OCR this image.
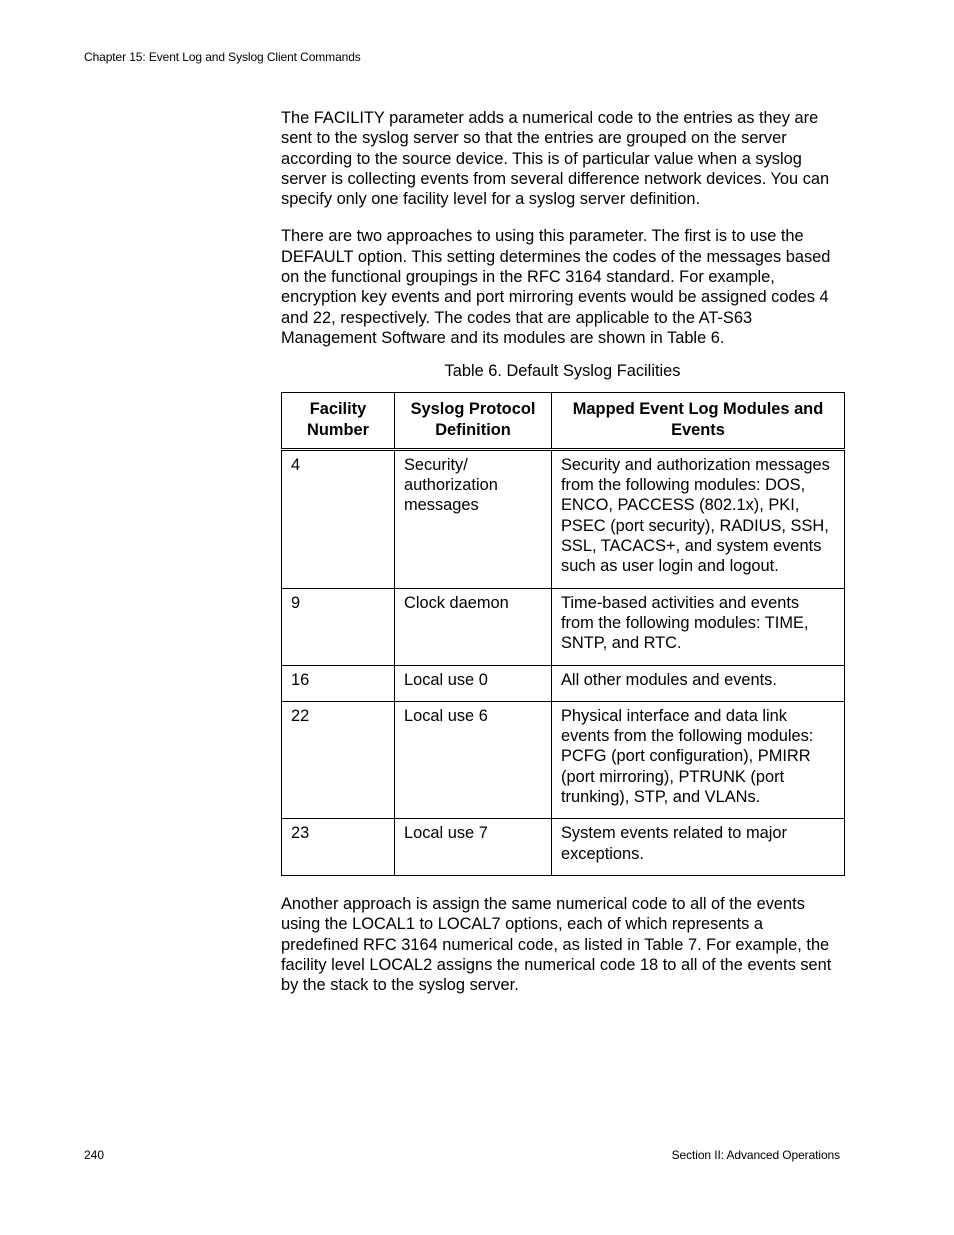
Chapter 15: Event Log and Syslog Client Commands

The FACILITY parameter adds a numerical code to the entries as they are sent to the syslog server so that the entries are grouped on the server according to the source device. This is of particular value when a syslog server is collecting events from several difference network devices. You can specify only one facility level for a syslog server definition.

There are two approaches to using this parameter. The first is to use the DEFAULT option. This setting determines the codes of the messages based on the functional groupings in the RFC 3164 standard. For example, encryption key events and port mirroring events would be assigned codes 4 and 22, respectively. The codes that are applicable to the AT-S63 Management Software and its modules are shown in Table 6.

Table 6. Default Syslog Facilities
Facility Number	Syslog Protocol Definition	Mapped Event Log Modules and Events
4	Security/ authorization messages	Security and authorization messages from the following modules: DOS, ENCO, PACCESS (802.1x), PKI, PSEC (port security), RADIUS, SSH, SSL, TACACS+, and system events such as user login and logout.
9	Clock daemon	Time-based activities and events from the following modules: TIME, SNTP, and RTC.
16	Local use 0	All other modules and events.
22	Local use 6	Physical interface and data link events from the following modules: PCFG (port configuration), PMIRR (port mirroring), PTRUNK (port trunking), STP, and VLANs.
23	Local use 7	System events related to major exceptions.

Another approach is assign the same numerical code to all of the events using the LOCAL1 to LOCAL7 options, each of which represents a predefined RFC 3164 numerical code, as listed in Table 7. For example, the facility level LOCAL2 assigns the numerical code 18 to all of the events sent by the stack to the syslog server.

240	Section II: Advanced Operations
